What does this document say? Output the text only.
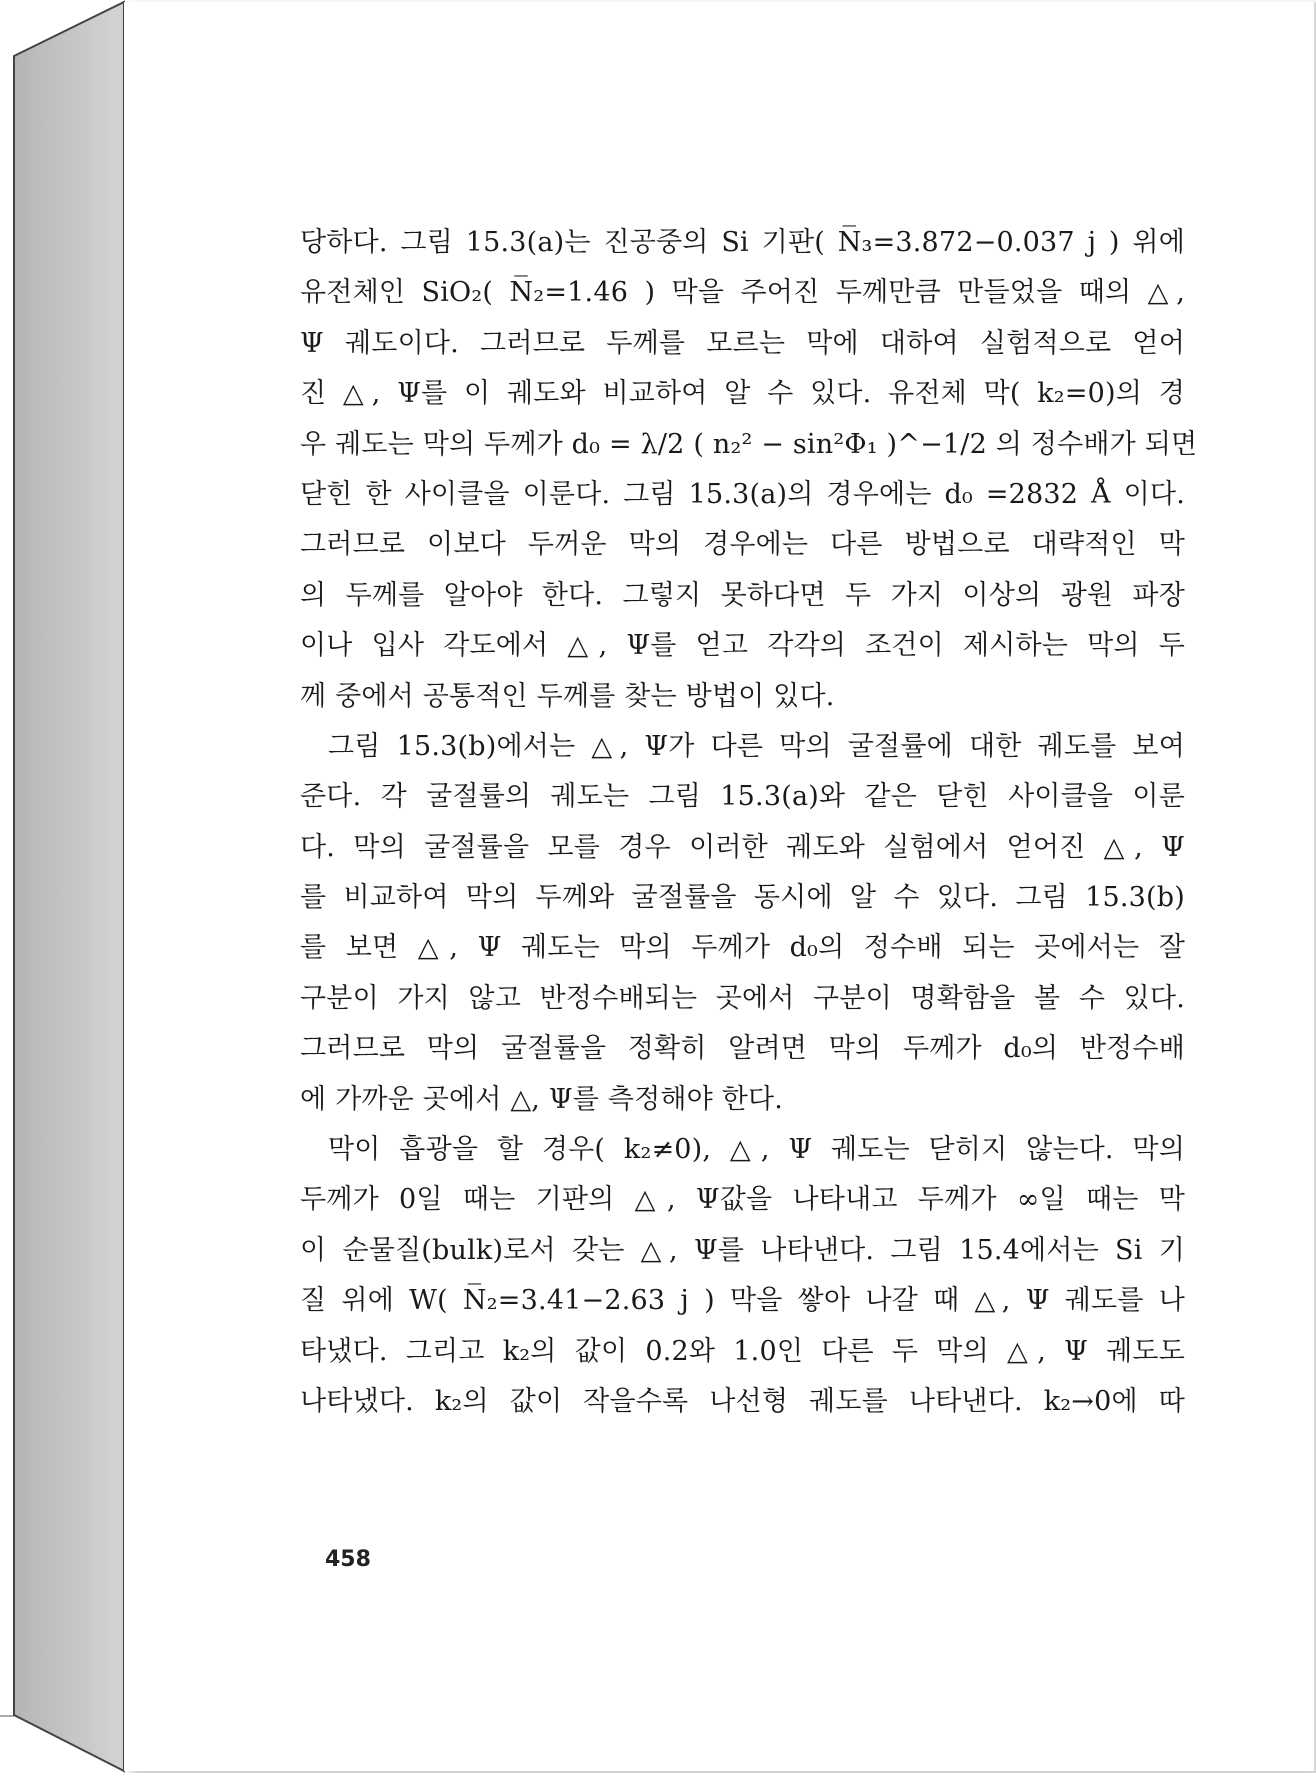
당하다. 그림 15.3(a)는 진공중의 Si 기판( N̅₃=3.872−0.037 j ) 위에
유전체인 SiO₂( N̅₂=1.46 ) 막을 주어진 두께만큼 만들었을 때의 △,
Ψ 궤도이다. 그러므로 두께를 모르는 막에 대하여 실험적으로 얻어
진 △, Ψ를 이 궤도와 비교하여 알 수 있다. 유전체 막( k₂=0)의 경
우 궤도는 막의 두께가 d₀ = λ/2 ( n₂² − sin²Φ₁ )^−1/2 의 정수배가 되면
닫힌 한 사이클을 이룬다. 그림 15.3(a)의 경우에는 d₀ =2832 Å 이다.
그러므로 이보다 두꺼운 막의 경우에는 다른 방법으로 대략적인 막
의 두께를 알아야 한다. 그렇지 못하다면 두 가지 이상의 광원 파장
이나 입사 각도에서 △, Ψ를 얻고 각각의 조건이 제시하는 막의 두
께 중에서 공통적인 두께를 찾는 방법이 있다.
그림 15.3(b)에서는 △, Ψ가 다른 막의 굴절률에 대한 궤도를 보여
준다. 각 굴절률의 궤도는 그림 15.3(a)와 같은 닫힌 사이클을 이룬
다. 막의 굴절률을 모를 경우 이러한 궤도와 실험에서 얻어진 △, Ψ
를 비교하여 막의 두께와 굴절률을 동시에 알 수 있다. 그림 15.3(b)
를 보면 △, Ψ 궤도는 막의 두께가 d₀의 정수배 되는 곳에서는 잘
구분이 가지 않고 반정수배되는 곳에서 구분이 명확함을 볼 수 있다.
그러므로 막의 굴절률을 정확히 알려면 막의 두께가 d₀의 반정수배
에 가까운 곳에서 △, Ψ를 측정해야 한다.
막이 흡광을 할 경우( k₂≠0), △, Ψ 궤도는 닫히지 않는다. 막의
두께가 0일 때는 기판의 △, Ψ값을 나타내고 두께가 ∞일 때는 막
이 순물질(bulk)로서 갖는 △, Ψ를 나타낸다. 그림 15.4에서는 Si 기
질 위에 W( N̅₂=3.41−2.63 j ) 막을 쌓아 나갈 때 △, Ψ 궤도를 나
타냈다. 그리고 k₂의 값이 0.2와 1.0인 다른 두 막의 △, Ψ 궤도도
나타냈다. k₂의 값이 작을수록 나선형 궤도를 나타낸다. k₂→0에 따
458
